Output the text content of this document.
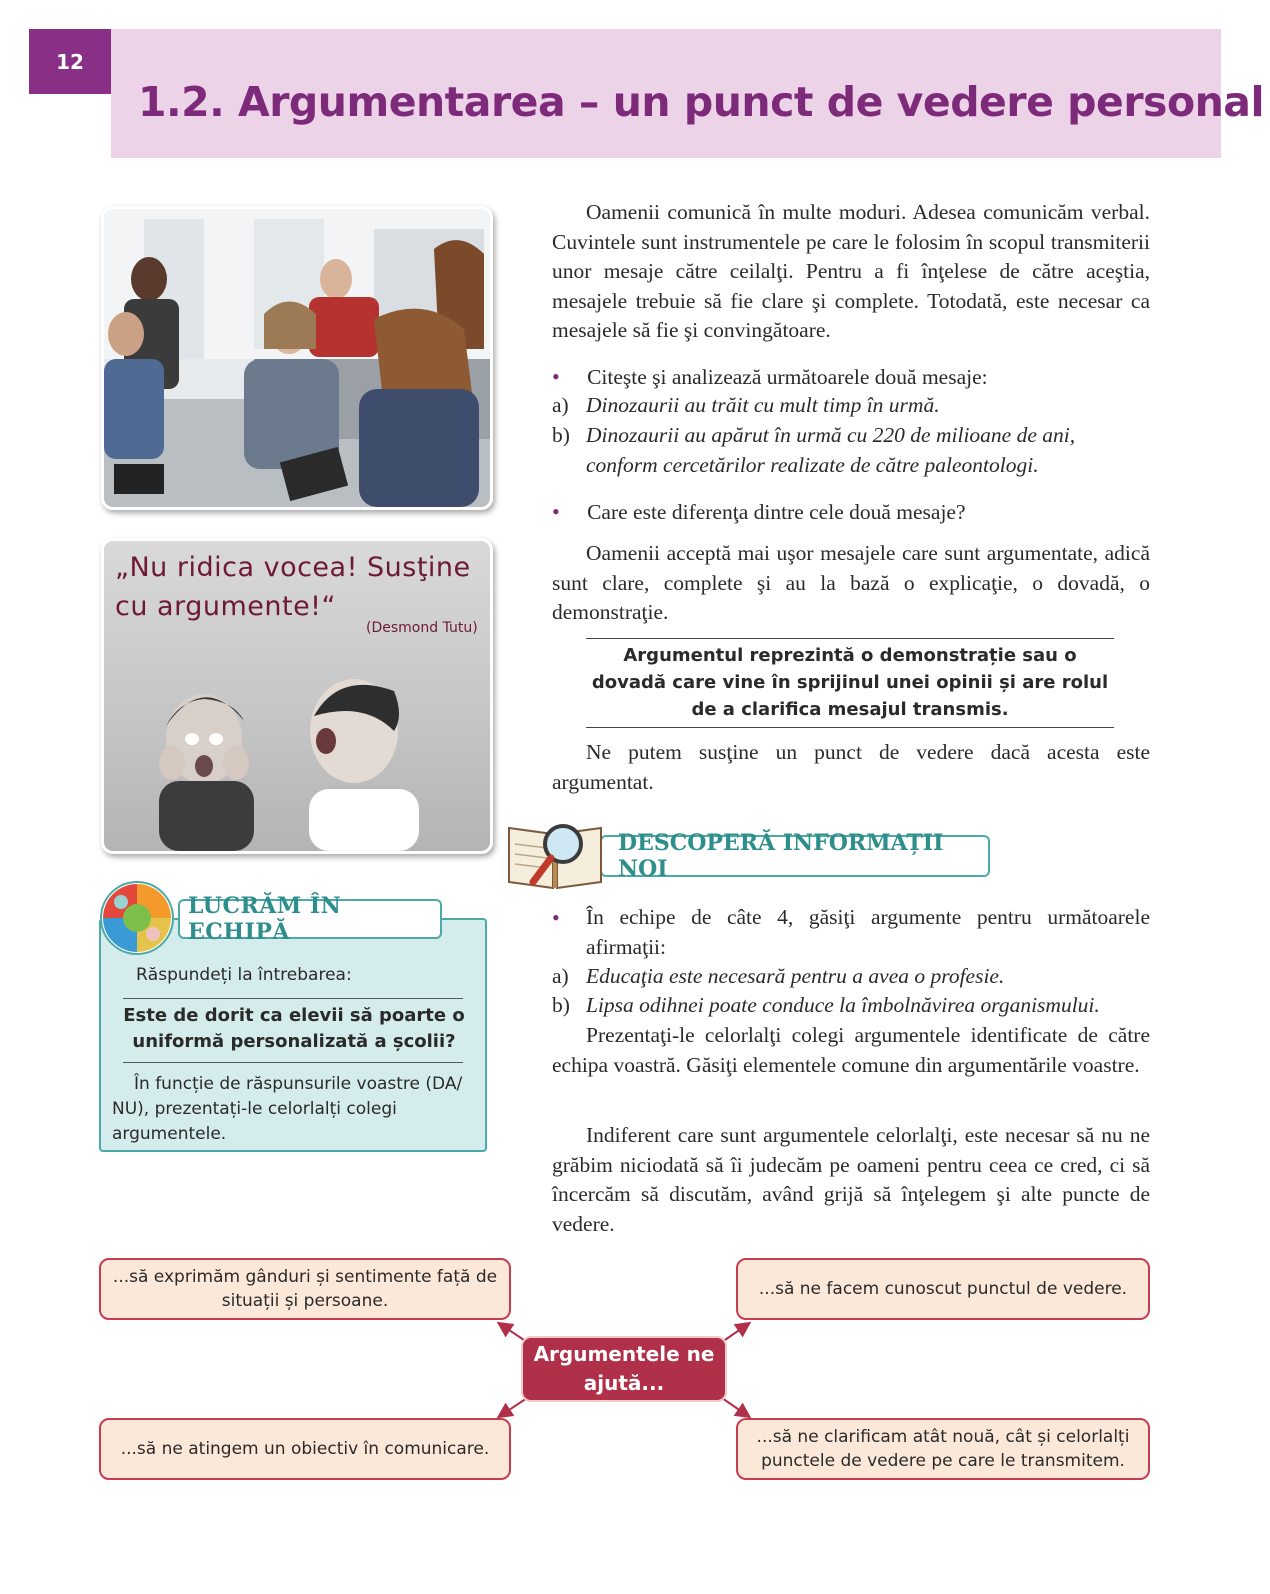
12
1.2. Argumentarea – un punct de vedere personal
„Nu ridica vocea! Susţine cu argumente!“
(Desmond Tutu)
LUCRĂM ÎN ECHIPĂ
Răspundeți la întrebarea:
Este de dorit ca elevii să poarte o uniformă personalizată a școlii?
În funcție de răspunsurile voastre (DA/ NU), prezentați-le celorlalți colegi argumentele.
Oamenii comunică în multe moduri. Adesea comunicăm verbal. Cuvintele sunt instrumentele pe care le folosim în scopul transmiterii unor mesaje către ceilalţi. Pentru a fi înţelese de către aceştia, mesajele trebuie să fie clare şi complete. Totodată, este necesar ca mesajele să fie şi convingătoare.
• Citeşte şi analizează următoarele două mesaje:
a) Dinozaurii au trăit cu mult timp în urmă.
b) Dinozaurii au apărut în urmă cu 220 de milioane de ani, conform cercetărilor realizate de către paleontologi.
• Care este diferenţa dintre cele două mesaje?
Oamenii acceptă mai uşor mesajele care sunt argumentate, adică sunt clare, complete şi au la bază o explicaţie, o dovadă, o demonstraţie.
Argumentul reprezintă o demonstrație sau o dovadă care vine în sprijinul unei opinii și are rolul de a clarifica mesajul transmis.
Ne putem susţine un punct de vedere dacă acesta este argumentat.
DESCOPERĂ INFORMAȚII NOI
• În echipe de câte 4, găsiţi argumente pentru următoarele afirmaţii:
a) Educaţia este necesară pentru a avea o profesie.
b) Lipsa odihnei poate conduce la îmbolnăvirea organismului.
Prezentaţi-le celorlalţi colegi argumentele identificate de către echipa voastră. Găsiţi elementele comune din argumentările voastre.
Indiferent care sunt argumentele celorlalţi, este necesar să nu ne grăbim niciodată să îi judecăm pe oameni pentru ceea ce cred, ci să încercăm să discutăm, având grijă să înţelegem şi alte puncte de vedere.
...să exprimăm gânduri și sentimente față de situații și persoane.
...să ne facem cunoscut punctul de vedere.
Argumentele ne ajută...
...să ne atingem un obiectiv în comunicare.
...să ne clarificam atât nouă, cât și celorlalți punctele de vedere pe care le transmitem.
